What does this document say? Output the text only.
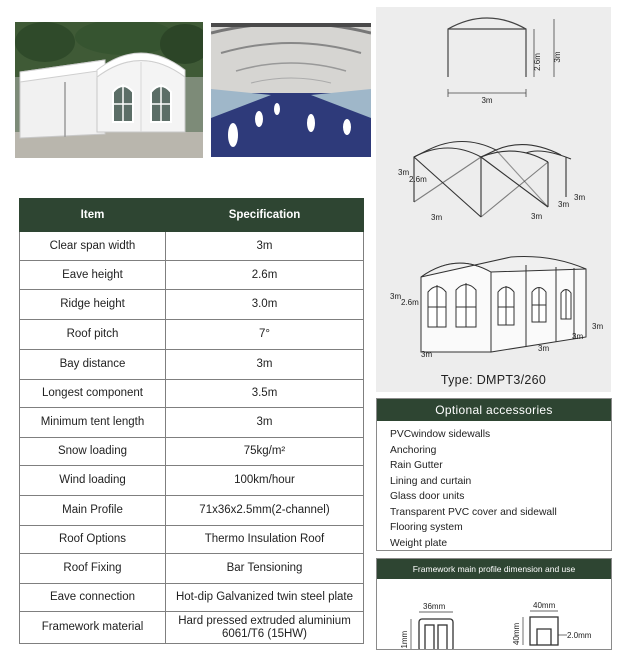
Item	Specification
Clear span width	3m
Eave height	2.6m
Ridge height	3.0m
Roof pitch	7°
Bay distance	3m
Longest component	3.5m
Minimum tent length	3m
Snow loading	75kg/m²
Wind loading	100km/hour
Main Profile	71x36x2.5mm(2-channel)
Roof Options	Thermo Insulation Roof
Roof Fixing	Bar Tensioning
Eave connection	Hot-dip Galvanized twin steel plate
Framework material	Hard pressed extruded aluminium 6061/T6 (15HW)
3m
2.6m 3m
3m
2.6m
3m	3m
3m
3m
3m
2.6m
3m
3m
3m
3m
Type: DMPT3/260
Optional accessories
PVCwindow sidewalls
Anchoring
Rain Gutter
Lining and curtain
Glass door units
Transparent PVC cover and sidewall
Flooring system
Weight plate
Framework main profile dimension and use
36mm
71mm
40mm
40mm	2.0mm
